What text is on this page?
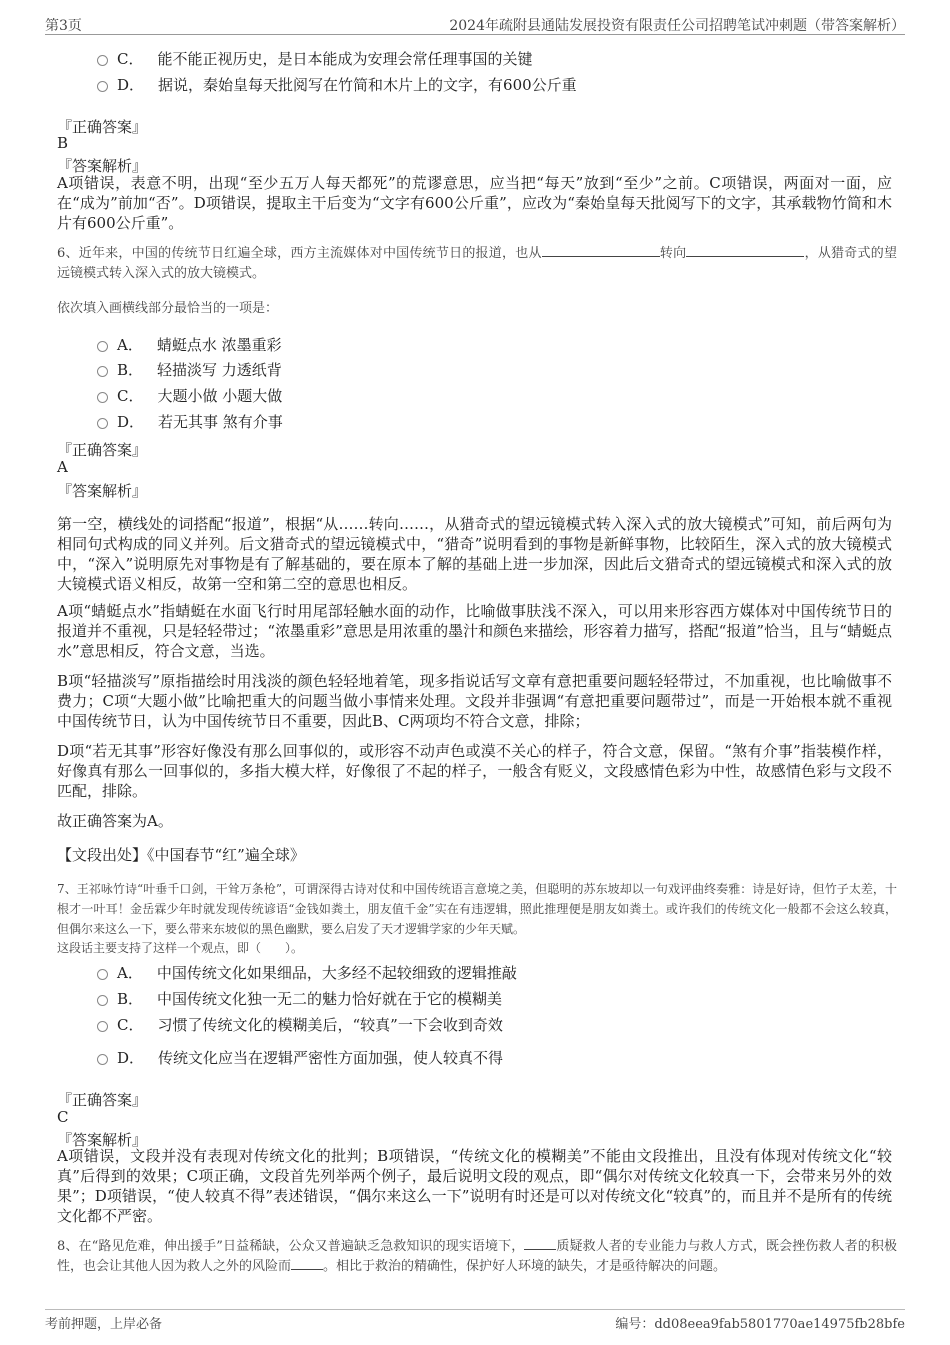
第3页	2024年疏附县通陆发展投资有限责任公司招聘笔试冲刺题（带答案解析）
C． 能不能正视历史，是日本能成为安理会常任理事国的关键
D． 据说，秦始皇每天批阅写在竹简和木片上的文字，有600公斤重
『正确答案』
B
『答案解析』
A项错误，表意不明，出现“至少五万人每天都死”的荒谬意思，应当把“每天”放到“至少”之前。C项错误，两面对一面，应在“成为”前加“否”。D项错误，提取主干后变为“文字有600公斤重”，应改为“秦始皇每天批阅写下的文字，其承载物竹简和木片有600公斤重”。
6、近年来，中国的传统节日红遍全球，西方主流媒体对中国传统节日的报道，也从	转向	，从猎奇式的望远镜模式转入深入式的放大镜模式。
依次填入画横线部分最恰当的一项是：
A． 蜻蜓点水 浓墨重彩
B． 轻描淡写 力透纸背
C． 大题小做 小题大做
D． 若无其事 煞有介事
『正确答案』
A
『答案解析』
第一空，横线处的词搭配“报道”，根据“从……转向……，从猎奇式的望远镜模式转入深入式的放大镜模式”可知，前后两句为相同句式构成的同义并列。后文猎奇式的望远镜模式中，“猎奇”说明看到的事物是新鲜事物，比较陌生，深入式的放大镜模式中，“深入”说明原先对事物是有了解基础的，要在原本了解的基础上进一步加深，因此后文猎奇式的望远镜模式和深入式的放大镜模式语义相反，故第一空和第二空的意思也相反。
A项“蜻蜓点水”指蜻蜓在水面飞行时用尾部轻触水面的动作，比喻做事肤浅不深入，可以用来形容西方媒体对中国传统节日的报道并不重视，只是轻轻带过；“浓墨重彩”意思是用浓重的墨汁和颜色来描绘，形容着力描写，搭配“报道”恰当，且与“蜻蜓点水”意思相反，符合文意，当选。
B项“轻描淡写”原指描绘时用浅淡的颜色轻轻地着笔，现多指说话写文章有意把重要问题轻轻带过，不加重视，也比喻做事不费力；C项“大题小做”比喻把重大的问题当做小事情来处理。文段并非强调“有意把重要问题带过”，而是一开始根本就不重视中国传统节日，认为中国传统节日不重要，因此B、C两项均不符合文意，排除；
D项“若无其事”形容好像没有那么回事似的，或形容不动声色或漠不关心的样子，符合文意，保留。“煞有介事”指装模作样，好像真有那么一回事似的，多指大模大样，好像很了不起的样子，一般含有贬义，文段感情色彩为中性，故感情色彩与文段不匹配，排除。
故正确答案为A。
【文段出处】《中国春节“红”遍全球》
7、王祁咏竹诗“叶垂千口剑，干耸万条枪”，可谓深得古诗对仗和中国传统语言意境之美，但聪明的苏东坡却以一句戏评曲终奏雅：诗是好诗，但竹子太差，十根才一叶耳！金岳霖少年时就发现传统谚语“金钱如粪土，朋友值千金”实在有违逻辑，照此推理便是朋友如粪土。或许我们的传统文化一般都不会这么较真，但偶尔来这么一下，要么带来东坡似的黑色幽默，要么启发了天才逻辑学家的少年天赋。
这段话主要支持了这样一个观点，即（　　）。
A． 中国传统文化如果细品，大多经不起较细致的逻辑推敲
B． 中国传统文化独一无二的魅力恰好就在于它的模糊美
C． 习惯了传统文化的模糊美后，“较真”一下会收到奇效
D． 传统文化应当在逻辑严密性方面加强，使人较真不得
『正确答案』
C
『答案解析』
A项错误，文段并没有表现对传统文化的批判；B项错误，“传统文化的模糊美”不能由文段推出，且没有体现对传统文化“较真”后得到的效果；C项正确，文段首先列举两个例子，最后说明文段的观点，即“偶尔对传统文化较真一下，会带来另外的效果”；D项错误，“使人较真不得”表述错误，“偶尔来这么一下”说明有时还是可以对传统文化“较真”的，而且并不是所有的传统文化都不严密。
8、在“路见危难，伸出援手”日益稀缺，公众又普遍缺乏急救知识的现实语境下， 质疑救人者的专业能力与救人方式，既会挫伤救人者的积极性，也会让其他人因为救人之外的风险而 。相比于救治的精确性，保护好人环境的缺失，才是亟待解决的问题。
考前押题，上岸必备	编号：dd08eea9fab5801770ae14975fb28bfe
